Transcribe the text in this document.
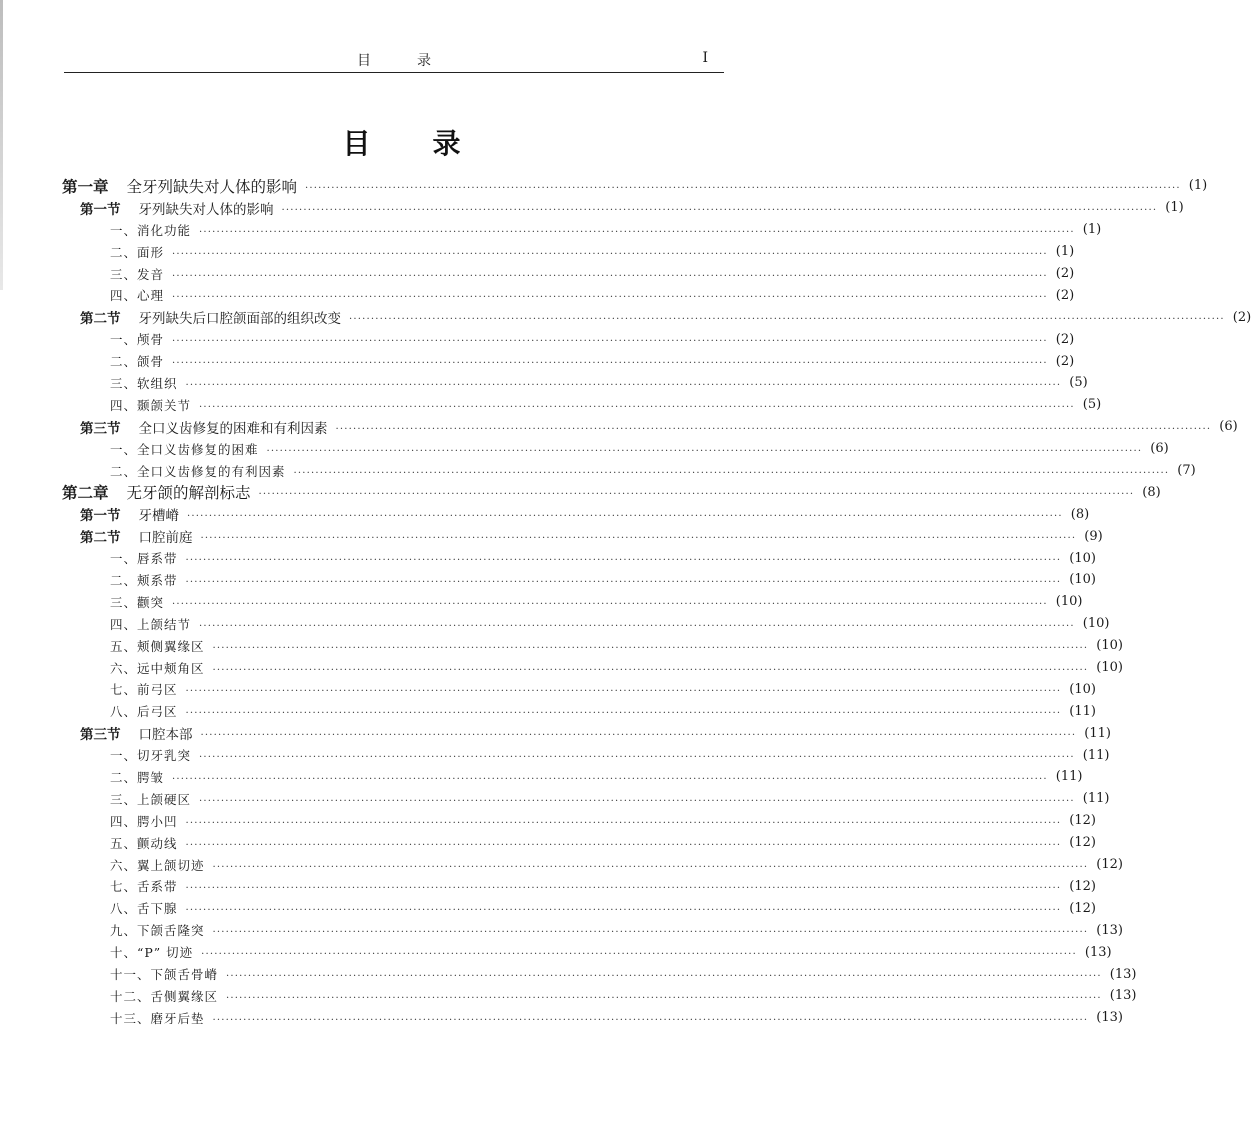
目录	I
目录
第一章 全牙列缺失对人体的影响 ........................................................................................................................................................................................................ ( 1 )
第一节 牙列缺失对人体的影响 ........................................................................................................................................................................................................ ( 1 )
一、消化功能 ........................................................................................................................................................................................................ ( 1 )
二、面形 ........................................................................................................................................................................................................ ( 1 )
三、发音 ........................................................................................................................................................................................................ ( 2 )
四、心理 ........................................................................................................................................................................................................ ( 2 )
第二节 牙列缺失后口腔颌面部的组织改变 ........................................................................................................................................................................................................ ( 2 )
一、颅骨 ........................................................................................................................................................................................................ ( 2 )
二、颌骨 ........................................................................................................................................................................................................ ( 2 )
三、软组织 ........................................................................................................................................................................................................ ( 5 )
四、颞颌关节 ........................................................................................................................................................................................................ ( 5 )
第三节 全口义齿修复的困难和有利因素 ........................................................................................................................................................................................................ ( 6 )
一、全口义齿修复的困难 ........................................................................................................................................................................................................ ( 6 )
二、全口义齿修复的有利因素 ........................................................................................................................................................................................................ ( 7 )
第二章 无牙颌的解剖标志 ........................................................................................................................................................................................................ ( 8 )
第一节 牙槽嵴 ........................................................................................................................................................................................................ ( 8 )
第二节 口腔前庭 ........................................................................................................................................................................................................ ( 9 )
一、唇系带 ........................................................................................................................................................................................................ ( 10 )
二、颊系带 ........................................................................................................................................................................................................ ( 10 )
三、颧突 ........................................................................................................................................................................................................ ( 10 )
四、上颌结节 ........................................................................................................................................................................................................ ( 10 )
五、颊侧翼缘区 ........................................................................................................................................................................................................ ( 10 )
六、远中颊角区 ........................................................................................................................................................................................................ ( 10 )
七、前弓区 ........................................................................................................................................................................................................ ( 10 )
八、后弓区 ........................................................................................................................................................................................................ ( 11 )
第三节 口腔本部 ........................................................................................................................................................................................................ ( 11 )
一、切牙乳突 ........................................................................................................................................................................................................ ( 11 )
二、腭皱 ........................................................................................................................................................................................................ ( 11 )
三、上颌硬区 ........................................................................................................................................................................................................ ( 11 )
四、腭小凹 ........................................................................................................................................................................................................ ( 12 )
五、颤动线 ........................................................................................................................................................................................................ ( 12 )
六、翼上颌切迹 ........................................................................................................................................................................................................ ( 12 )
七、舌系带 ........................................................................................................................................................................................................ ( 12 )
八、舌下腺 ........................................................................................................................................................................................................ ( 12 )
九、下颌舌隆突 ........................................................................................................................................................................................................ ( 13 )
十、“P” 切迹 ........................................................................................................................................................................................................ ( 13 )
十一、下颌舌骨嵴 ........................................................................................................................................................................................................ ( 13 )
十二、舌侧翼缘区 ........................................................................................................................................................................................................ ( 13 )
十三、磨牙后垫 ........................................................................................................................................................................................................ ( 13 )
